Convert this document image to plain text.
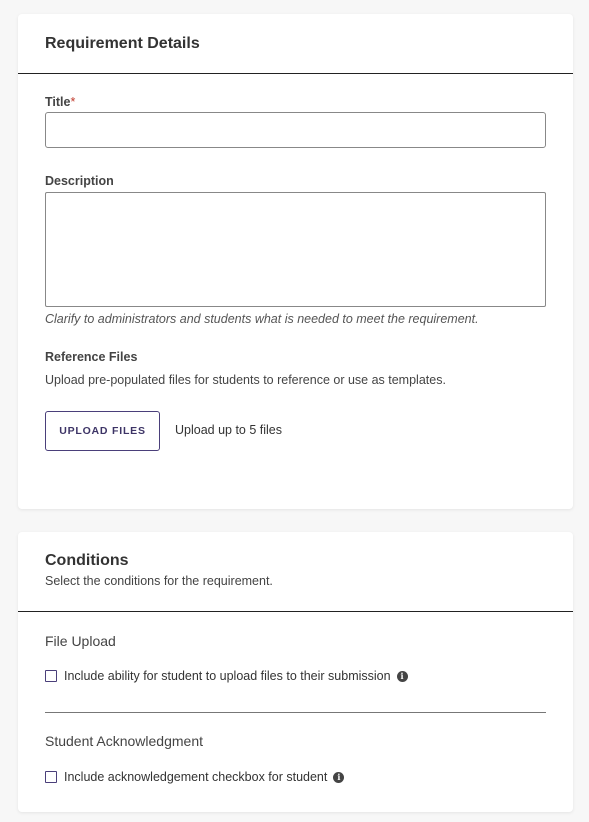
Requirement Details
Title*
Description
Clarify to administrators and students what is needed to meet the requirement.
Reference Files
Upload pre-populated files for students to reference or use as templates.
UPLOAD FILES	Upload up to 5 files
Conditions
Select the conditions for the requirement.
File Upload
Include ability for student to upload files to their submission	i
Student Acknowledgment
Include acknowledgement checkbox for student	i
